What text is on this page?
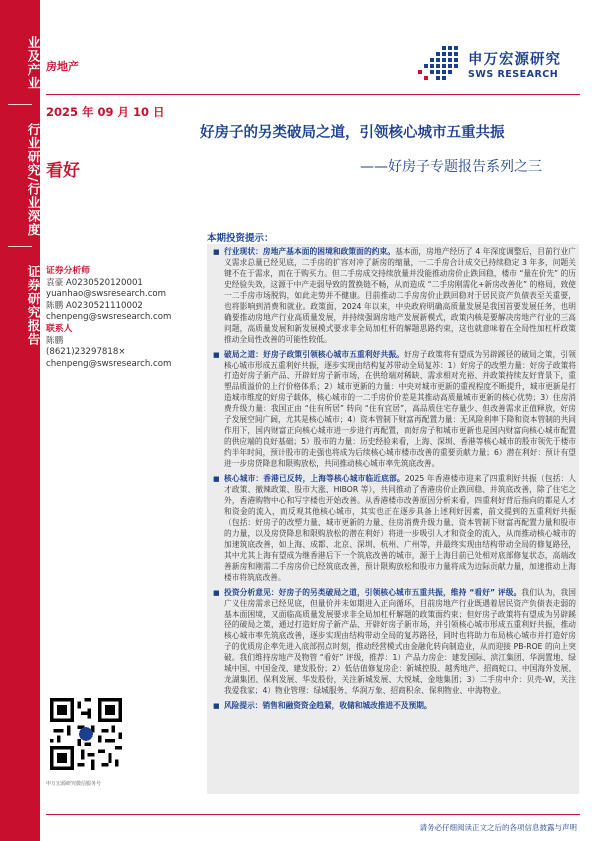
业及产业
行业研究/行业深度
证券研究报告
房地产	申万宏源研究
SWS RESEARCH
2025 年 09 月 10 日
看好
好房子的另类破局之道，引领核心城市五重共振
——好房子专题报告系列之三
证券分析师
袁豪 A0230520120001
yuanhao@swsresearch.com
陈鹏 A0230521110002
chenpeng@swsresearch.com
联系人
陈鹏
(8621)23297818×
chenpeng@swsresearch.com
申万宏源研究微信服务号
本期投资提示：
■ 行业现状：房地产基本面的困境和政策面的约束。基本面，房地产经历了 4 年深度调整后，目前行业广义需求总量已经见底，二手房的扩容对冲了新房的缩量，一二手房合计成交已持续稳定 3 年多，问题关键不在于需求，而在于购买力。但二手房成交持续放量并没能推动房价止跌回稳，楼市 “量在价先” 的历史经验失效，这源于中产走弱导致的置换链不畅，从而造成 “二手房刚需化+新房改善化” 的格局，致使一二手房市场脱钩，如此走势并不健康。目前推动二手房房价止跌回稳对于居民资产负债表至关重要，也将影响到消费和就业。政策面，2024 年以来，中央政府明确高质量发展是我国首要发展任务，也明确要推动房地产行业高质量发展，并持续强调房地产发展新模式，政策内核是要解决房地产行业的三高问题，高质量发展和新发展模式要求非全局加杠杆的解题思路约束，这也就意味着在全局性加杠杆政策推动全局性改善的可能性较低。
■ 破局之道：好房子政策引领核心城市五重利好共振。好房子政策将有望成为另辟蹊径的破局之策，引领核心城市形成五重利好共振，逐步实现由结构复苏带动全局复苏：1）好房子的改塑力量：好房子政策将打造好房子新产品、开辟好房子新市场，在供给端对稀缺、需求相对充裕、并政策持续友好背景下，重塑品质溢价的上行价格体系；2）城市更新的力量：中央对城市更新的重视程度不断提升，城市更新是打造城市维度的好房子载体，核心城市的一二手房价价差是其推动高质量城市更新的核心优势；3）住房消费升级力量：我国正由 “住有所居” 转向 “住有宜居”，高品质住宅存量少、但改善需求正值释放，好房子发展空间广阔，尤其是核心城市；4）资本管制下财富再配置力量：无风险利率下降和资本管制的共同作用下，国内财富正向核心城市进一步进行再配置，而好房子和城市更新也是国内财富向核心城市配置的供应端的良好基础；5）股市的力量：历史经验来看，上海、深圳、香港等核心城市的股市领先于楼市约半年时间，预计股市的走强也将成为后续核心城市楼市改善的重要贡献力量；6）潜在利好：预计有望进一步房贷降息和限购放松，共同推动核心城市率先筑底改善。
■ 核心城市：香港已反转，上海等核心城市临近底部。2025 年香港楼市迎来了四重利好共振（包括：人才政策、撤辣政策、股市大涨、HIBOR 等），共同推动了香港房价止跌回稳、并筑底改善，除了住宅之外，香港购物中心和写字楼也开始改善。从香港楼市改善原因分析来看，四重利好背后指向的都是人才和资金的流入，而反观其他核心城市，其实也正在逐步具备上述利好因素，前文提到的五重利好共振（包括：好房子的改塑力量、城市更新的力量、住房消费升级力量、资本管制下财富再配置力量和股市的力量，以及房贷降息和限购放松的潜在利好）将进一步吸引人才和资金的流入，从而推动核心城市的加速筑底改善，如上海、成都、北京、深圳、杭州、广州等，并最终实现由结构带动全局的修复路径，其中尤其上海有望成为继香港后下一个筑底改善的城市，源于上海目前已处相对底部修复状态，高端改善新房和刚需二手房房价已经筑底改善，预计限购放松和股市力量将成为边际贡献力量，加速推动上海楼市将筑底改善。
■ 投资分析意见：好房子的另类破局之道，引领核心城市五重共振，维持 “看好” 评级。我们认为，我国广义住房需求已经见底，但量价并未如期进入正向循环，目前房地产行业既遇着居民资产负债表走弱的基本面困境，又面临高质量发展要求非全局加杠杆解题的政策面约束；但好房子政策将有望成为另辟蹊径的破局之策，通过打造好房子新产品、开辟好房子新市场，并引领核心城市形成五重利好共振，推动核心城市率先筑底改善，逐步实现由结构带动全局的复苏路径，同时也将助力布局核心城市并打造好房子的优质房企率先进入底部拐点时刻，推动经营模式由金融化转向制造业，从而迎接 PB-ROE 的向上突破。我们维持房地产及物管 “看好” 评级，推荐：1）产品力房企：建发国际、滨江集团、华润置地、绿城中国、中国金茂、建发股份；2）低估值修复房企：新城控股、越秀地产、招商蛇口、中国海外发展、龙湖集团、保利发展、华发股份，关注新城发展、大悦城、金地集团；3）二手房中介：贝壳-W，关注我爱我家；4）物业管理：绿城服务、华润万象、招商积余、保利物业、中海物业。
■ 风险提示：销售和融资资金趋紧，收储和城改推进不及预期。
请务必仔细阅读正文之后的各项信息披露与声明
